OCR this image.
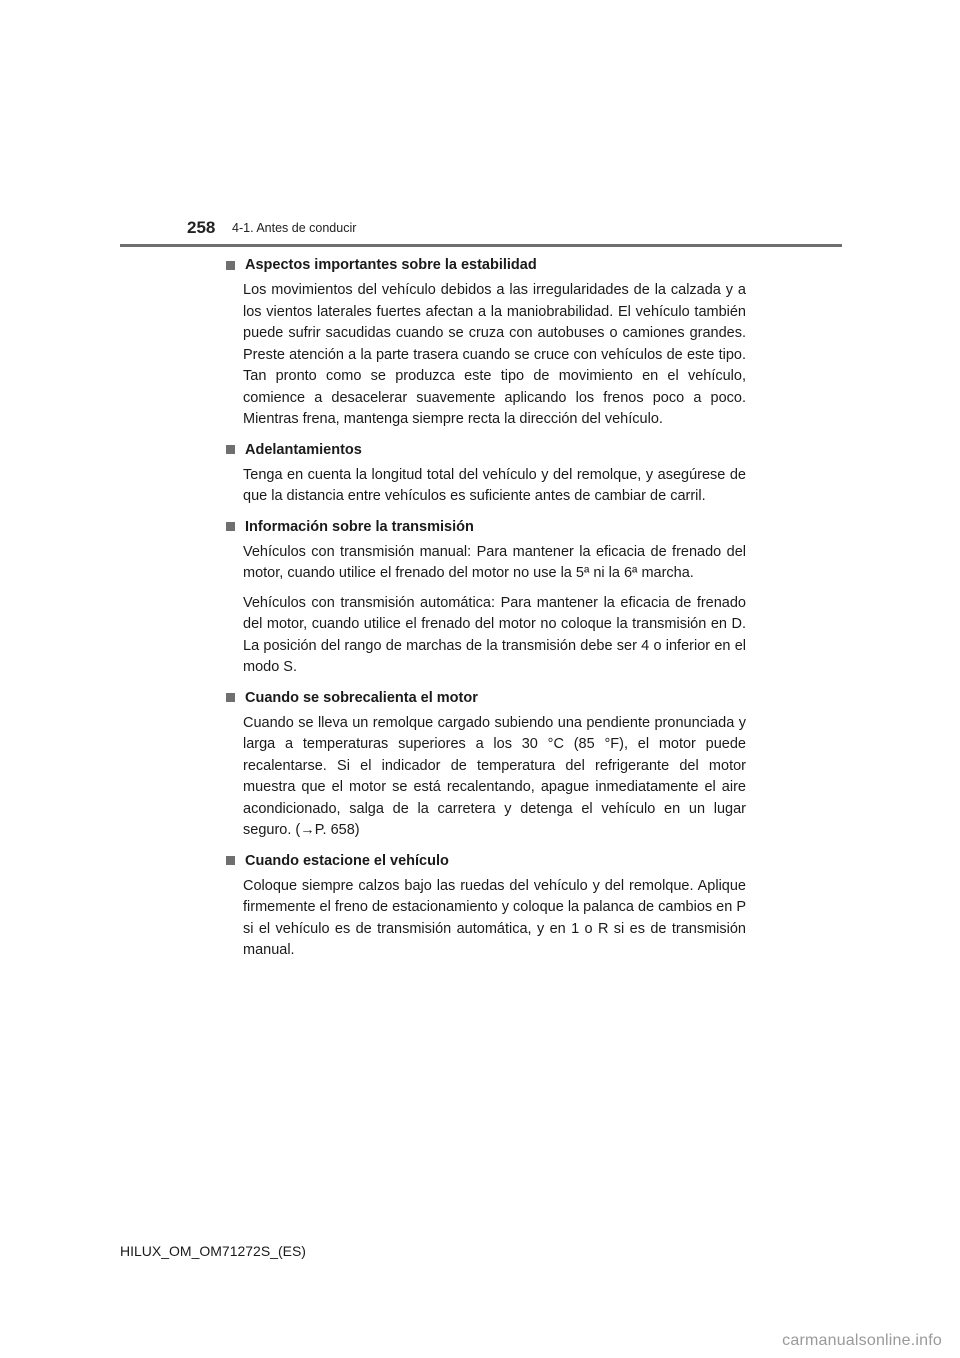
258 4-1. Antes de conducir
Aspectos importantes sobre la estabilidad

Los movimientos del vehículo debidos a las irregularidades de la calzada y a los vientos laterales fuertes afectan a la maniobrabilidad. El vehículo también puede sufrir sacudidas cuando se cruza con autobuses o camiones grandes. Preste atención a la parte trasera cuando se cruce con vehículos de este tipo. Tan pronto como se produzca este tipo de movimiento en el vehículo, comience a desacelerar suavemente aplicando los frenos poco a poco. Mientras frena, mantenga siempre recta la dirección del vehículo.

Adelantamientos

Tenga en cuenta la longitud total del vehículo y del remolque, y asegúrese de que la distancia entre vehículos es suficiente antes de cambiar de carril.

Información sobre la transmisión

Vehículos con transmisión manual: Para mantener la eficacia de frenado del motor, cuando utilice el frenado del motor no use la 5ª ni la 6ª marcha.

Vehículos con transmisión automática: Para mantener la eficacia de frenado del motor, cuando utilice el frenado del motor no coloque la transmisión en D. La posición del rango de marchas de la transmisión debe ser 4 o inferior en el modo S.

Cuando se sobrecalienta el motor

Cuando se lleva un remolque cargado subiendo una pendiente pronunciada y larga a temperaturas superiores a los 30 °C (85 °F), el motor puede recalentarse. Si el indicador de temperatura del refrigerante del motor muestra que el motor se está recalentando, apague inmediatamente el aire acondicionado, salga de la carretera y detenga el vehículo en un lugar seguro. (→P. 658)

Cuando estacione el vehículo

Coloque siempre calzos bajo las ruedas del vehículo y del remolque. Aplique firmemente el freno de estacionamiento y coloque la palanca de cambios en P si el vehículo es de transmisión automática, y en 1 o R si es de transmisión manual.

HILUX_OM_OM71272S_(ES)
carmanualsonline.info
